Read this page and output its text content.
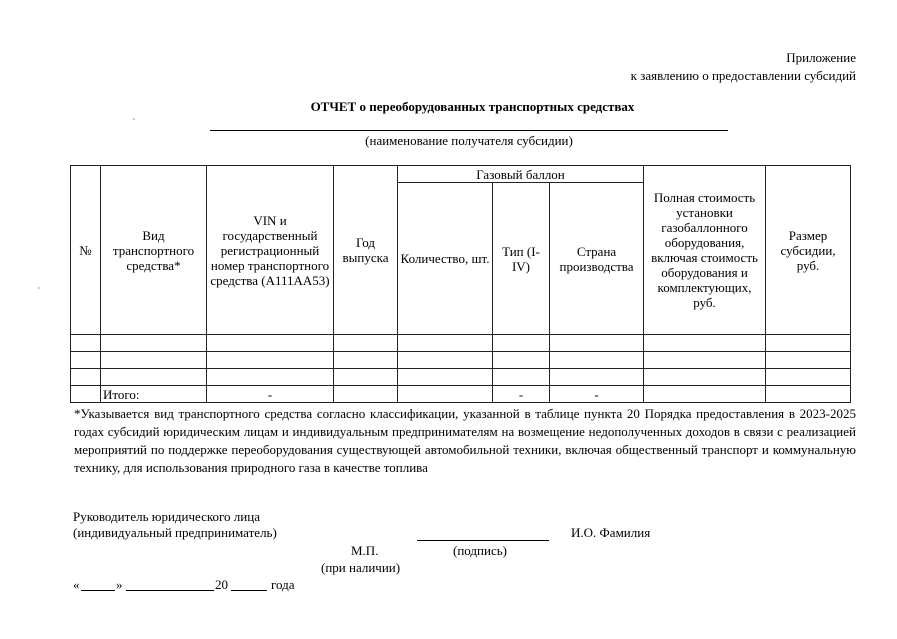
Приложение
к заявлению о предоставлении субсидий
ОТЧЕТ о переоборудованных транспортных средствах
(наименование получателя субсидии)
№	Вид транспортного средства*	VIN и государственный регистрационный номер транспортного средства (А111АА53)	Год выпуска	Газовый баллон			Полная стоимость установки газобаллонного оборудования, включая стоимость оборудования и комплектующих, руб.	Размер субсидии, руб.
				Количество, шт.	Тип (I-IV)	Страна производства		

	Итого:	-			-	-		
*Указывается вид транспортного средства согласно классификации, указанной в таблице пункта 20 Порядка предоставления в 2023-2025 годах субсидий юридическим лицам и индивидуальным предпринимателям на возмещение недополученных доходов в связи с реализацией мероприятий по поддержке переоборудования существующей автомобильной техники, включая общественный транспорт и коммунальную технику, для использования природного газа в качестве топлива
Руководитель юридического лица
(индивидуальный предприниматель)	И.О. Фамилия
М.П.	(подпись)
(при наличии)
«	»	20	года
